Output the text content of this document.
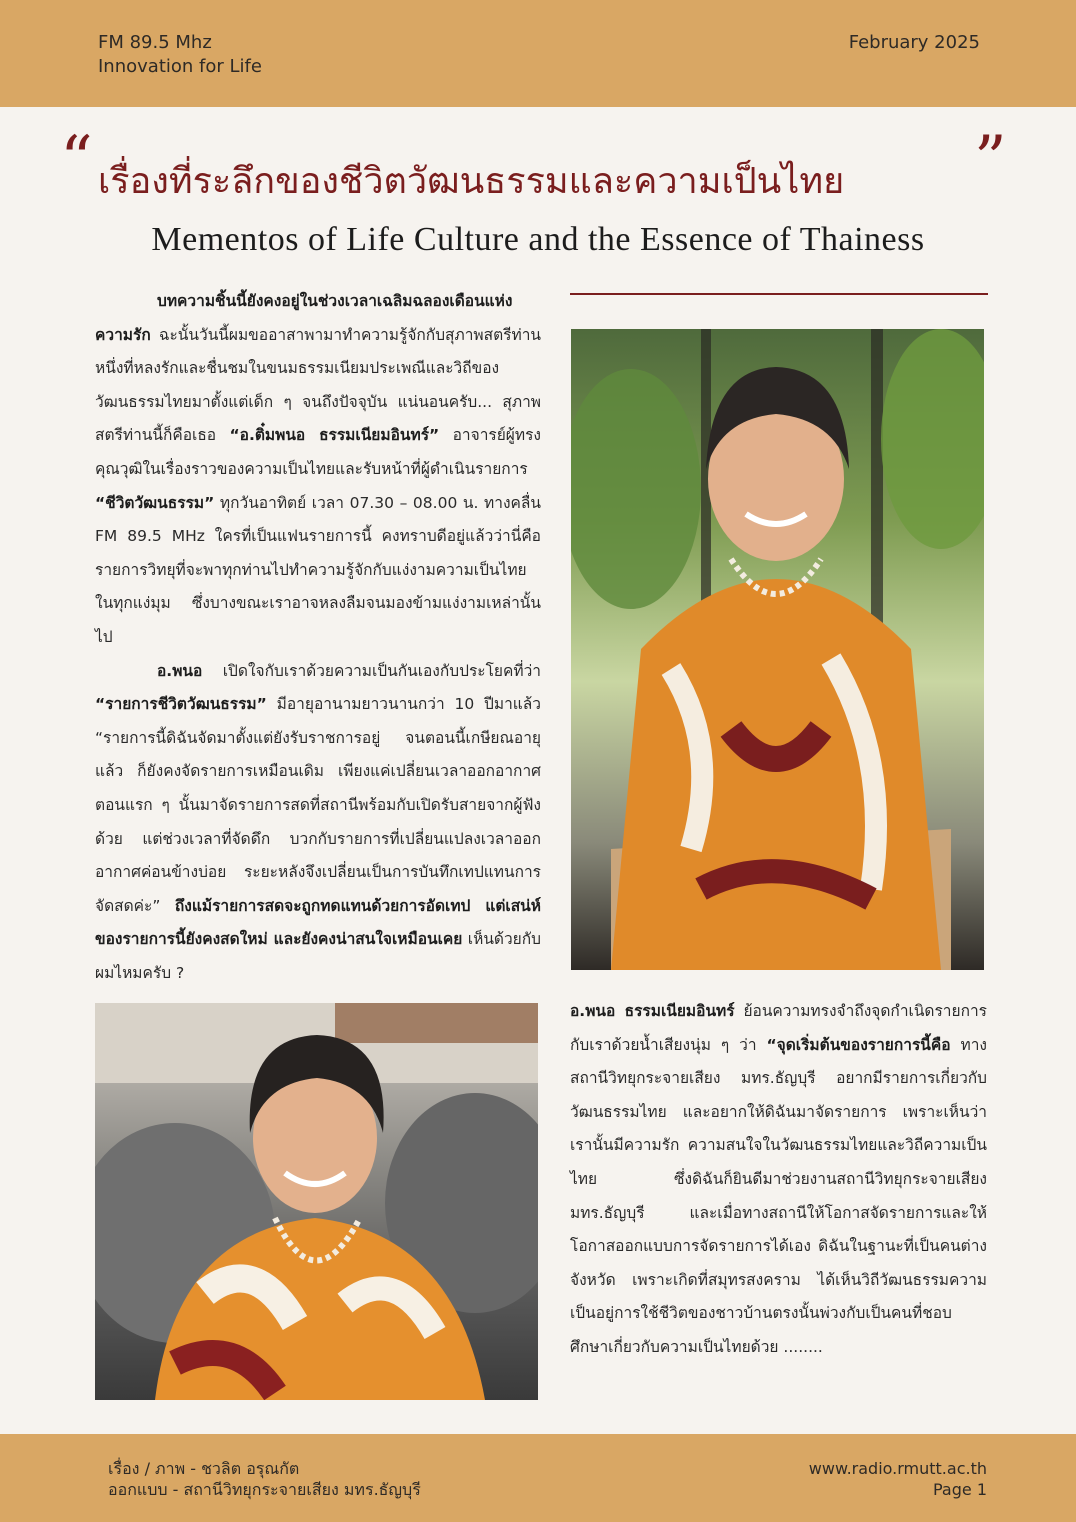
FM 89.5 Mhz
Innovation for Life
February 2025
“ เรื่องที่ระลึกของชีวิตวัฒนธรรมและความเป็นไทย	”
Mementos of Life Culture and the Essence of Thainess

บทความชิ้นนี้ยังคงอยู่ในช่วงเวลาเฉลิมฉลองเดือนแห่งความรัก ฉะนั้นวันนี้ผมขออาสาพามาทำความรู้จักกับสุภาพสตรีท่านหนึ่งที่หลงรักและชื่นชมในขนมธรรมเนียมประเพณีและวิถีของวัฒนธรรมไทยมาตั้งแต่เด็ก ๆ จนถึงปัจจุบัน แน่นอนครับ... สุภาพสตรีท่านนี้ก็คือเธอ “อ.ติ๋มพนอ ธรรมเนียมอินทร์” อาจารย์ผู้ทรงคุณวุฒิในเรื่องราวของความเป็นไทยและรับหน้าที่ผู้ดำเนินรายการ “ชีวิตวัฒนธรรม” ทุกวันอาทิตย์ เวลา 07.30 – 08.00 น. ทางคลื่น FM 89.5 MHz ใครที่เป็นแฟนรายการนี้ คงทราบดีอยู่แล้วว่านี่คือรายการวิทยุที่จะพาทุกท่านไปทำความรู้จักกับแง่งามความเป็นไทยในทุกแง่มุม ซึ่งบางขณะเราอาจหลงลืมจนมองข้ามแง่งามเหล่านั้นไป

อ.พนอ เปิดใจกับเราด้วยความเป็นกันเองกับประโยคที่ว่า “รายการชีวิตวัฒนธรรม” มีอายุอานามยาวนานกว่า 10 ปีมาแล้ว “รายการนี้ดิฉันจัดมาตั้งแต่ยังรับราชการอยู่ จนตอนนี้เกษียณอายุแล้ว ก็ยังคงจัดรายการเหมือนเดิม เพียงแค่เปลี่ยนเวลาออกอากาศ ตอนแรก ๆ นั้นมาจัดรายการสดที่สถานีพร้อมกับเปิดรับสายจากผู้ฟังด้วย แต่ช่วงเวลาที่จัดดึก บวกกับรายการที่เปลี่ยนแปลงเวลาออกอากาศค่อนข้างบ่อย ระยะหลังจึงเปลี่ยนเป็นการบันทึกเทปแทนการจัดสดค่ะ” ถึงแม้รายการสดจะถูกทดแทนด้วยการอัดเทป แต่เสน่ห์ของรายการนี้ยังคงสดใหม่ และยังคงน่าสนใจเหมือนเคย เห็นด้วยกับผมไหมครับ ?

อ.พนอ ธรรมเนียมอินทร์ ย้อนความทรงจำถึงจุดกำเนิดรายการกับเราด้วยน้ำเสียงนุ่ม ๆ ว่า “จุดเริ่มต้นของรายการนี้คือ ทางสถานีวิทยุกระจายเสียง มทร.ธัญบุรี อยากมีรายการเกี่ยวกับวัฒนธรรมไทย และอยากให้ดิฉันมาจัดรายการ เพราะเห็นว่าเรานั้นมีความรัก ความสนใจในวัฒนธรรมไทยและวิถีความเป็นไทย ซึ่งดิฉันก็ยินดีมาช่วยงานสถานีวิทยุกระจายเสียง มทร.ธัญบุรี และเมื่อทางสถานีให้โอกาสจัดรายการและให้โอกาสออกแบบการจัดรายการได้เอง ดิฉันในฐานะที่เป็นคนต่างจังหวัด เพราะเกิดที่สมุทรสงคราม ได้เห็นวิถีวัฒนธรรมความเป็นอยู่การใช้ชีวิตของชาวบ้านตรงนั้นพ่วงกับเป็นคนที่ชอบศึกษาเกี่ยวกับความเป็นไทยด้วย ........

เรื่อง / ภาพ - ชวลิต อรุณกัต
ออกแบบ - สถานีวิทยุกระจายเสียง มทร.ธัญบุรี
www.radio.rmutt.ac.th
Page 1
